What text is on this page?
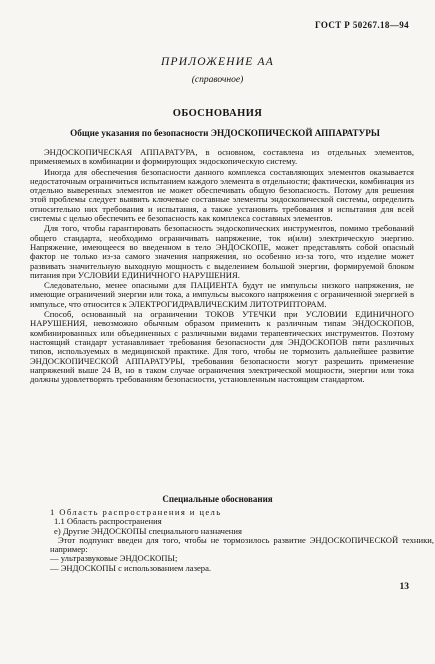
ГОСТ Р 50267.18—94
ПРИЛОЖЕНИЕ АА
(справочное)
ОБОСНОВАНИЯ
Общие указания по безопасности ЭНДОСКОПИЧЕСКОЙ АППАРАТУРЫ

ЭНДОСКОПИЧЕСКАЯ АППАРАТУРА, в основном, составлена из отдельных элементов, применяемых в комбинации и формирующих эндоскопическую систему.

Иногда для обеспечения безопасности данного комплекса составляющих элементов оказывается недостаточным ограничиться испытанием каждого элемента в отдельности; фактически, комбинация из отдельно выверенных элементов не может обеспечивать общую безопасность. Потому для решения этой проблемы следует выявить ключевые составные элементы эндоскопической системы, определить относительно них требования и испытания, а также установить требования и испытания для всей системы с целью обеспечить ее безопасность как комплекса составных элементов.

Для того, чтобы гарантировать безопасность эндоскопических инструментов, помимо требований общего стандарта, необходимо ограничивать напряжение, ток и(или) электрическую энергию. Напряжение, имеющееся во введенном в тело ЭНДОСКОПЕ, может представлять собой опасный фактор не только из-за самого значения напряжения, но особенно из-за того, что изделие может развивать значительную выходную мощность с выделением большой энергии, формируемой блоком питания при УСЛОВИИ ЕДИНИЧНОГО НАРУШЕНИЯ.

Следовательно, менее опасными для ПАЦИЕНТА будут не импульсы низкого напряжения, не имеющие ограничений энергии или тока, а импульсы высокого напряжения с ограниченной энергией в импульсе, что относится к ЭЛЕКТРОГИДРАВЛИЧЕСКИМ ЛИТОТРИПТОРАМ.

Способ, основанный на ограничении ТОКОВ УТЕЧКИ при УСЛОВИИ ЕДИНИЧНОГО НАРУШЕНИЯ, невозможно обычным образом применить к различным типам ЭНДОСКОПОВ, комбинированных или объединенных с различными видами терапевтических инструментов. Поэтому настоящий стандарт устанавливает требования безопасности для ЭНДОСКОПОВ пяти различных типов, используемых в медицинской практике. Для того, чтобы не тормозить дальнейшее развитие ЭНДОСКОПИЧЕСКОЙ АППАРАТУРЫ, требования безопасности могут разрешить применение напряжений выше 24 В, но в таком случае ограничения электрической мощности, энергии или тока должны удовлетворять требованиям безопасности, установленным настоящим стандартом.

Специальные обоснования
1 Область распространения и цель
1.1 Область распространения
е) Другие ЭНДОСКОПЫ специального назначения
Этот подпункт введен для того, чтобы не тормозилось развитие ЭНДОСКОПИЧЕСКОЙ техники, например:
— ультразвуковые ЭНДОСКОПЫ;
— ЭНДОСКОПЫ с использованием лазера.
13
